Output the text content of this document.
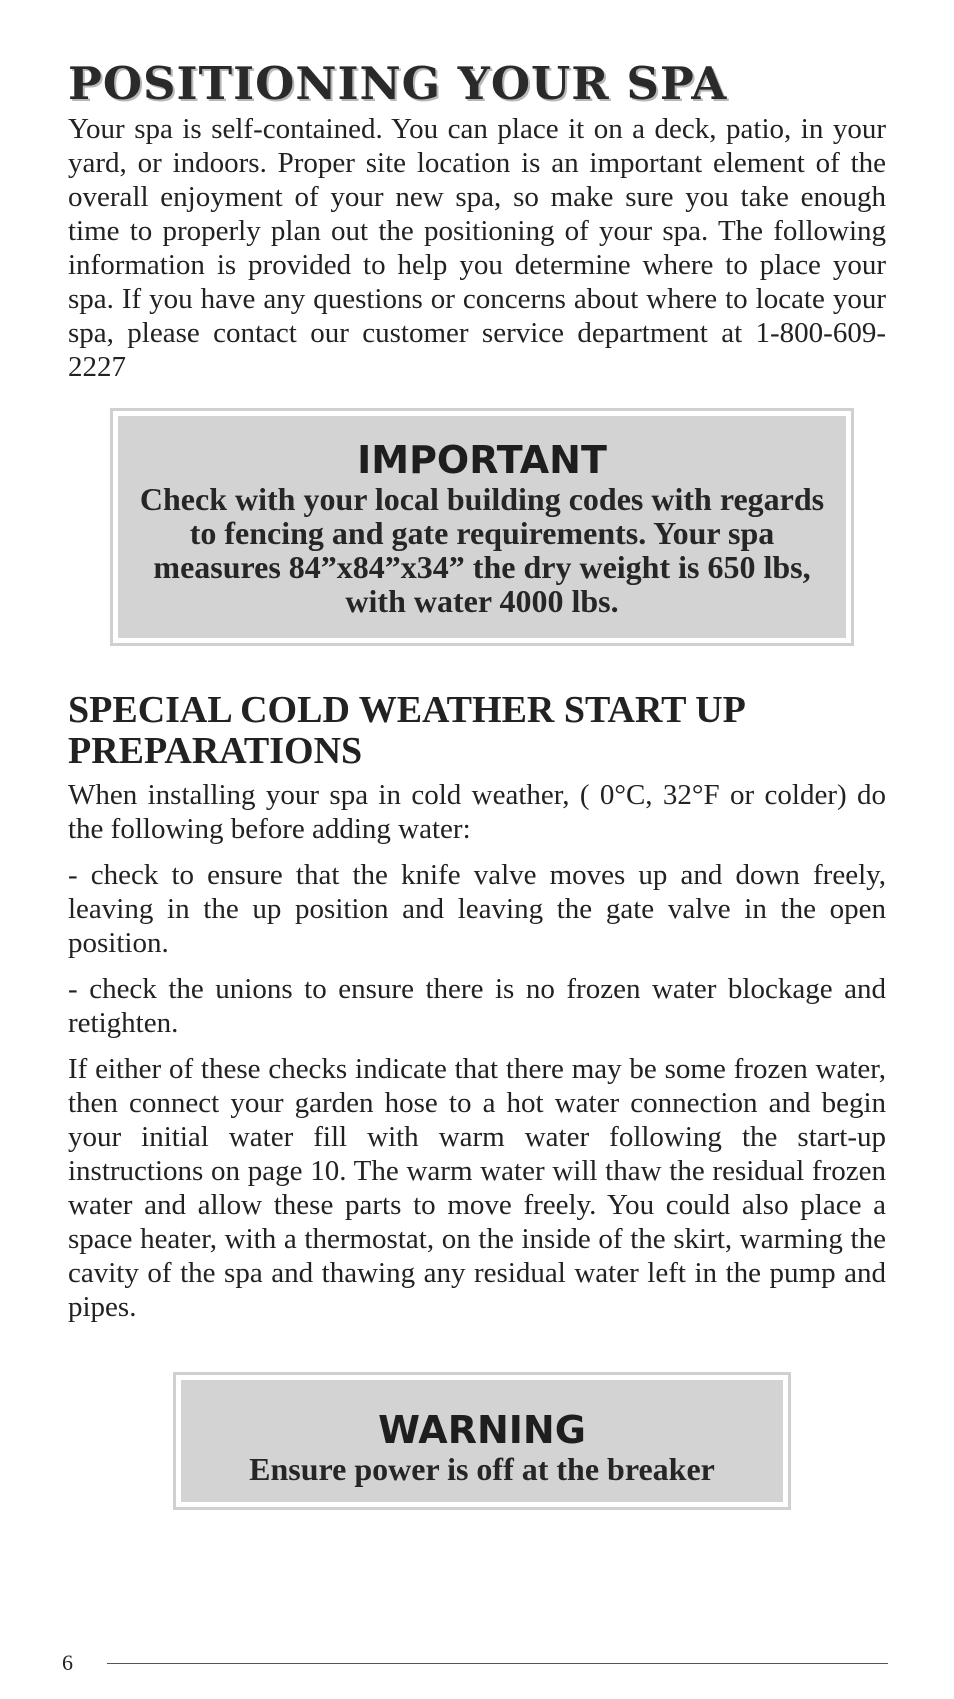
POSITIONING YOUR SPA

Your spa is self-contained. You can place it on a deck, patio, in your yard, or indoors. Proper site location is an important element of the overall enjoyment of your new spa, so make sure you take enough time to properly plan out the positioning of your spa. The following information is provided to help you determine where to place your spa. If you have any questions or concerns about where to locate your spa, please contact our customer service department at 1-800-609-2227

IMPORTANT

Check with your local building codes with regards to fencing and gate requirements. Your spa measures 84”x84”x34” the dry weight is 650 lbs, with water 4000 lbs.

SPECIAL COLD WEATHER START UP PREPARATIONS

When installing your spa in cold weather, ( 0°C, 32°F or colder) do the following before adding water:

- check to ensure that the knife valve moves up and down freely, leaving in the up position and leaving the gate valve in the open position.

- check the unions to ensure there is no frozen water blockage and retighten.

If either of these checks indicate that there may be some frozen water, then connect your garden hose to a hot water connection and begin your initial water fill with warm water following the start-up instructions on page 10. The warm water will thaw the residual frozen water and allow these parts to move freely. You could also place a space heater, with a thermostat, on the inside of the skirt, warming the cavity of the spa and thawing any residual water left in the pump and pipes.

WARNING

Ensure power is off at the breaker

6
